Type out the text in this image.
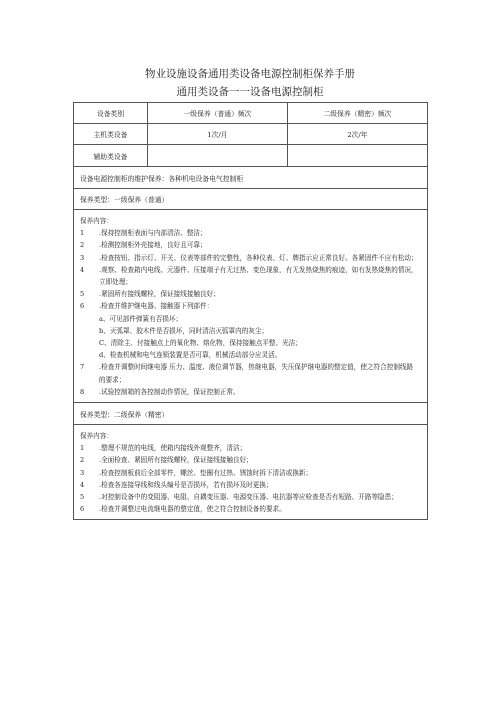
物业设施设备通用类设备电源控制柜保养手册
通用类设备一一设备电源控制柜
设备类别	一级保养（普通）频次	二级保养（精密）频次
主机类设备	1次/月	2次/年
辅助类设备
设备电源控制柜的维护保养：各种机电设备电气控制柜
保养类型：一级保养（普通）
保养内容：
1	.保持控制柜表面与内部清洁、整洁；
2	.检测控制柜外壳接地，良好且可靠；
3	.检查按钮、指示灯、开关、仪表等部件的完整性，各种仪表、灯、牌指示应正常良好。各紧固件不应有松动；
4	.观察、检查箱内电线、元器件、压接端子有无过热、变色现象，有无发热烧焦的痕迹，如有发热烧焦的情况，立即处理；
5	.紧固所有接线螺栓，保证接线接触良好；
6	.检查并维护继电器、接触器下列部件：
a、可见部件弹簧有否损坏；
b、灭弧罩、胶木件是否损坏，同时清洁灭弧罩内的灰尘；
C、清除主、付接触点上的氧化物、熔化物，保持接触点平整、光洁；
d、检查机械和电气连锁装置是否可靠，机械活动部分应灵活。
7	.检查并调整时间继电器 压力、温度、液位调节器，热继电器，失压保护继电器的整定值，使之符合控制线路的要求；
8	.试验控制箱的各控制动作情况，保证控制正常。
保养类型：二级保养（精密）
保养内容：
1	.整理不规范的电线，使箱内接线外观整齐，清洁；
2	.全面检查、紧固所有接线螺栓，保证接线接触良好；
3	.检查控制板前后全部零件，螺丝、垫圈有过热、锈蚀时拆下清洁或换新；
4	.检查各连接导线和线头编号是否损坏，若有损坏及时更换；
5	.对控制设备中的变阻器、电阻、自耦变压器、电源变压器、电抗器等应检查是否有短路、开路等隐患；
6	.检查并调整过电流继电器的整定值，使之符合控制设备的要求。
